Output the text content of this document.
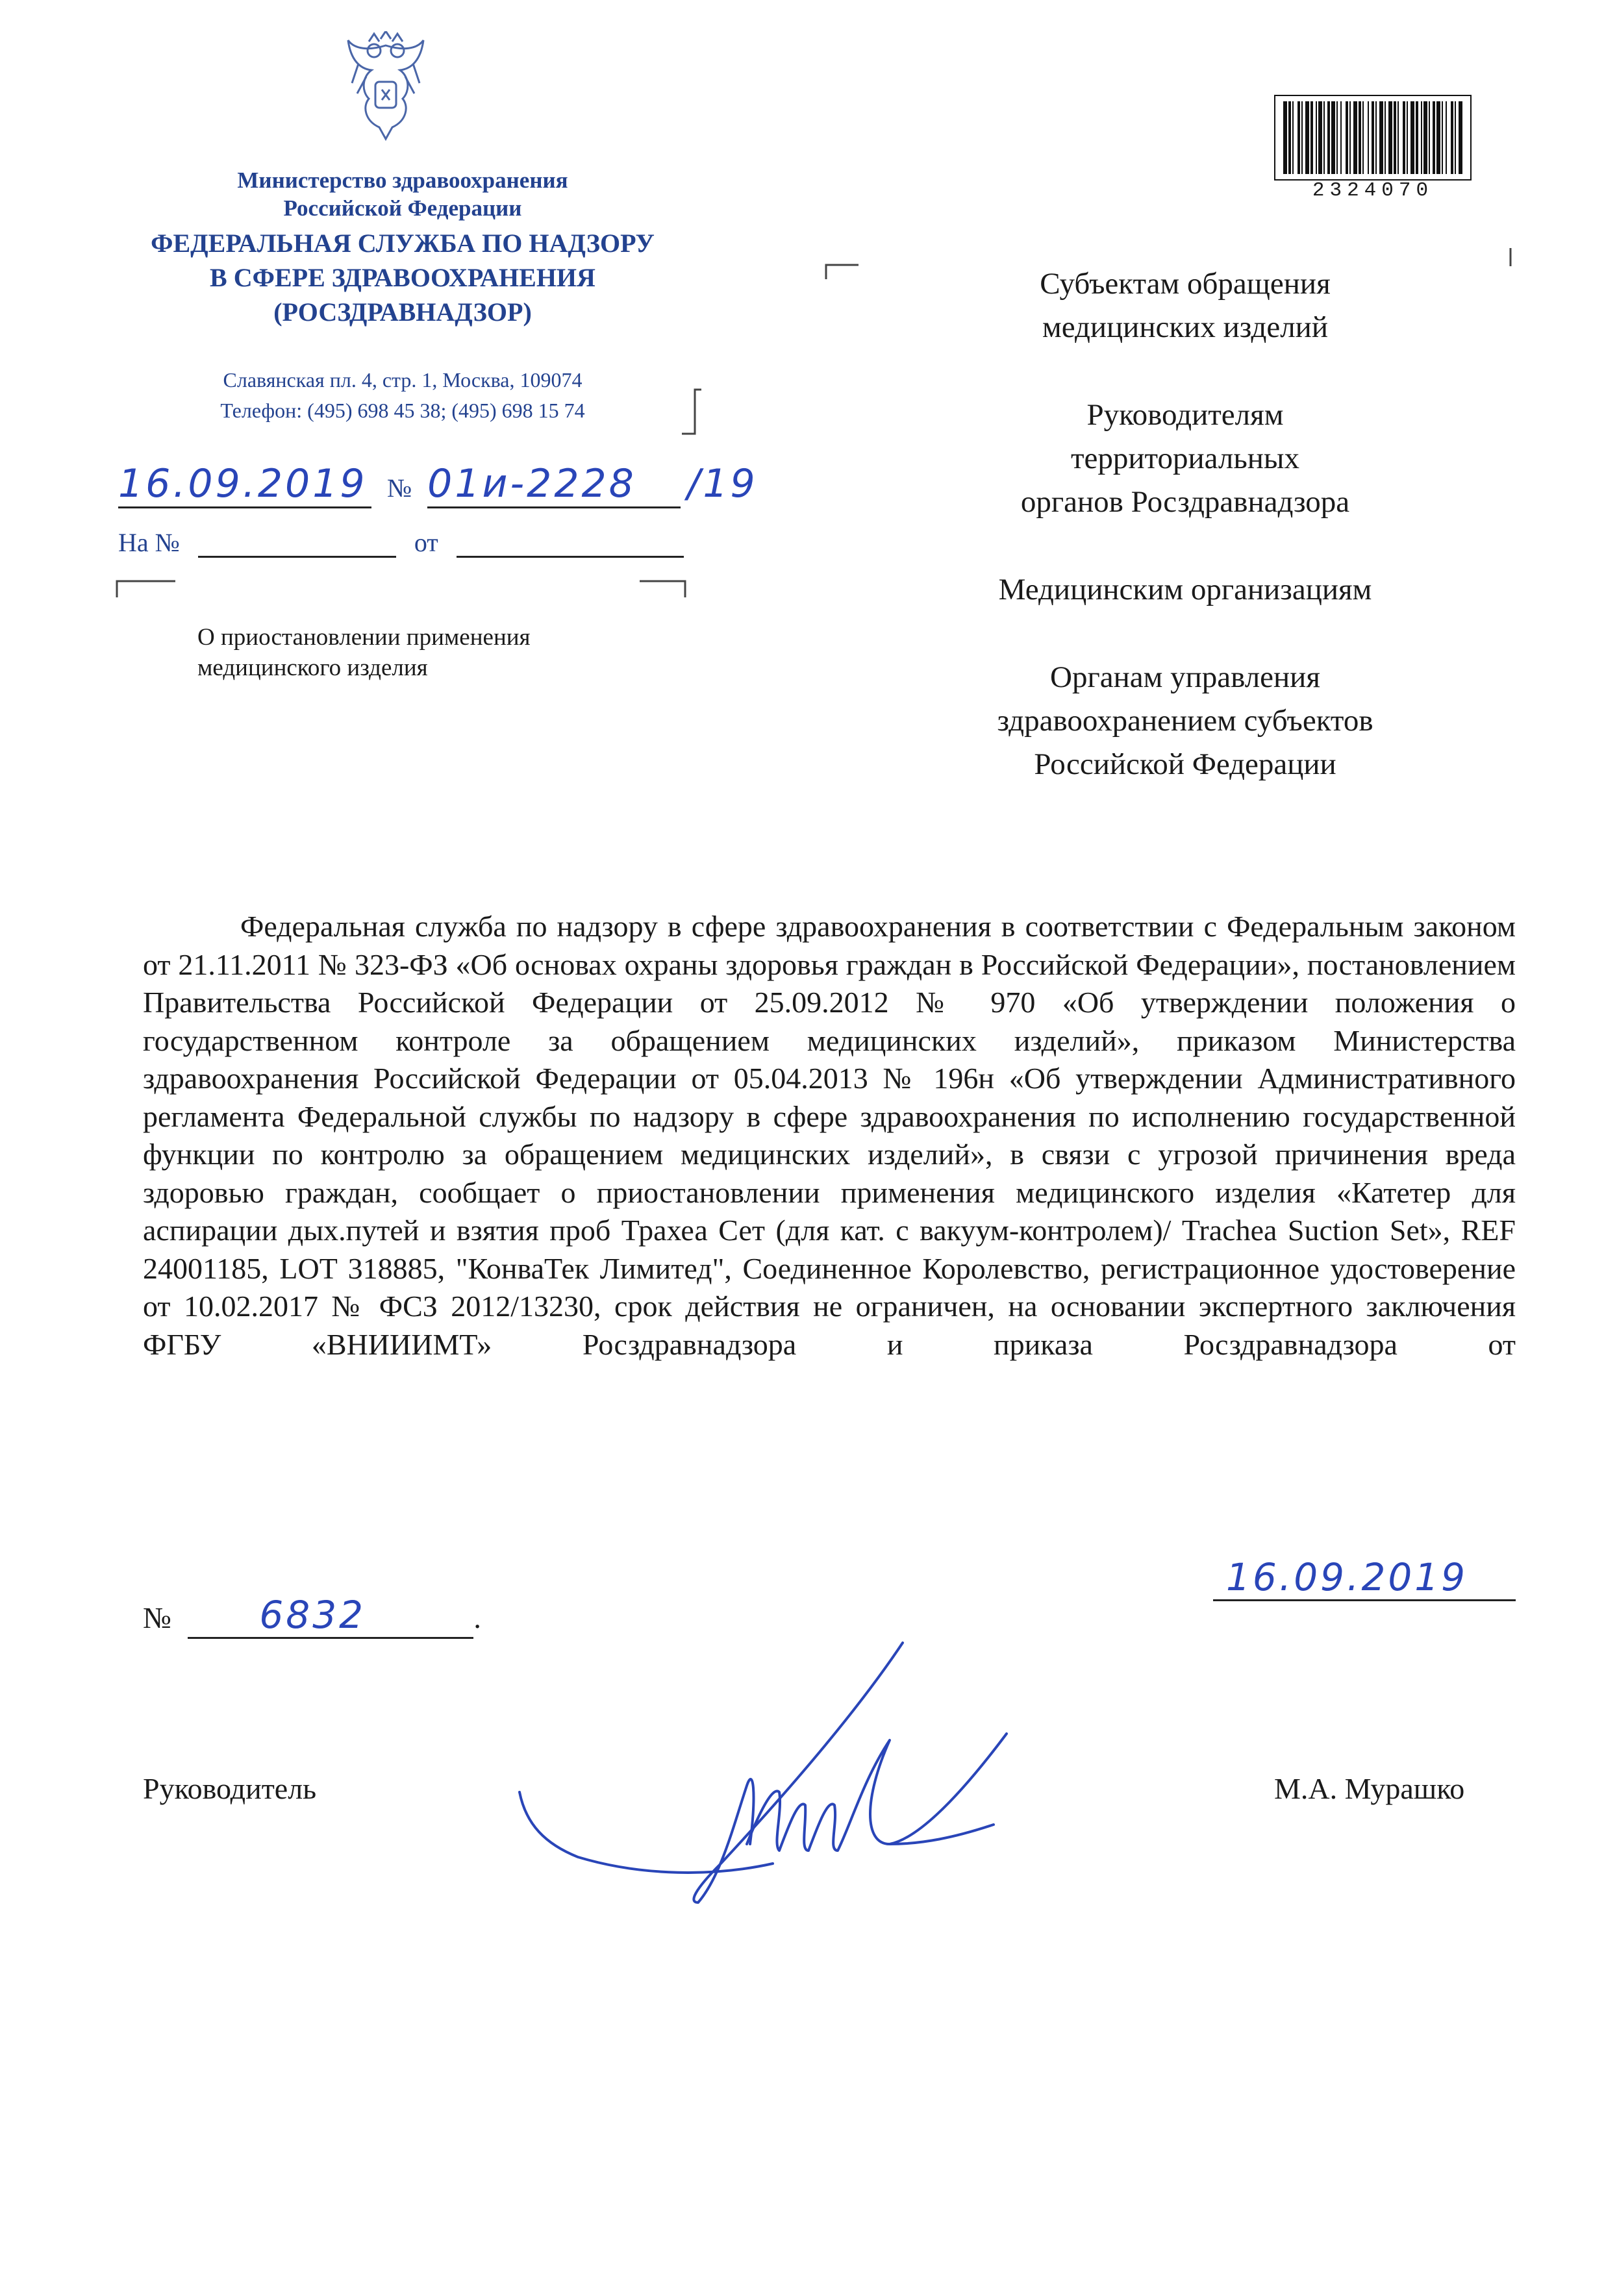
Министерство здравоохранения
Российской Федерации
ФЕДЕРАЛЬНАЯ СЛУЖБА ПО НАДЗОРУ
В СФЕРЕ ЗДРАВООХРАНЕНИЯ
(РОСЗДРАВНАДЗОР)
Славянская пл. 4, стр. 1, Москва, 109074
Телефон: (495) 698 45 38; (495) 698 15 74
16.09.2019 № 01и-2228 /19
На №	от
О приостановлении применения
медицинского изделия
2324070

Субъектам обращения
медицинских изделий

Руководителям
территориальных
органов Росздравнадзора

Медицинским организациям

Органам управления
здравоохранением субъектов
Российской Федерации

Федеральная служба по надзору в сфере здравоохранения в соответствии с Федеральным законом от 21.11.2011 № 323-ФЗ «Об основах охраны здоровья граждан в Российской Федерации», постановлением Правительства Российской Федерации от 25.09.2012 № 970 «Об утверждении положения о государственном контроле за обращением медицинских изделий», приказом Министерства здравоохранения Российской Федерации от 05.04.2013 № 196н «Об утверждении Административного регламента Федеральной службы по надзору в сфере здравоохранения по исполнению государственной функции по контролю за обращением медицинских изделий», в связи с угрозой причинения вреда здоровью граждан, сообщает о приостановлении применения медицинского изделия «Катетер для аспирации дых.путей и взятия проб Трахеа Сет (для кат. с вакуум-контролем)/ Trachea Suction Set», REF 24001185, LOT 318885, "КонваТек Лимитед", Соединенное Королевство, регистрационное удостоверение от 10.02.2017 № ФСЗ 2012/13230, срок действия не ограничен, на основании экспертного заключения ФГБУ «ВНИИИМТ» Росздравнадзора и приказа Росздравнадзора от

16.09.2019
№ 6832	.
Руководитель	М.А. Мурашко
